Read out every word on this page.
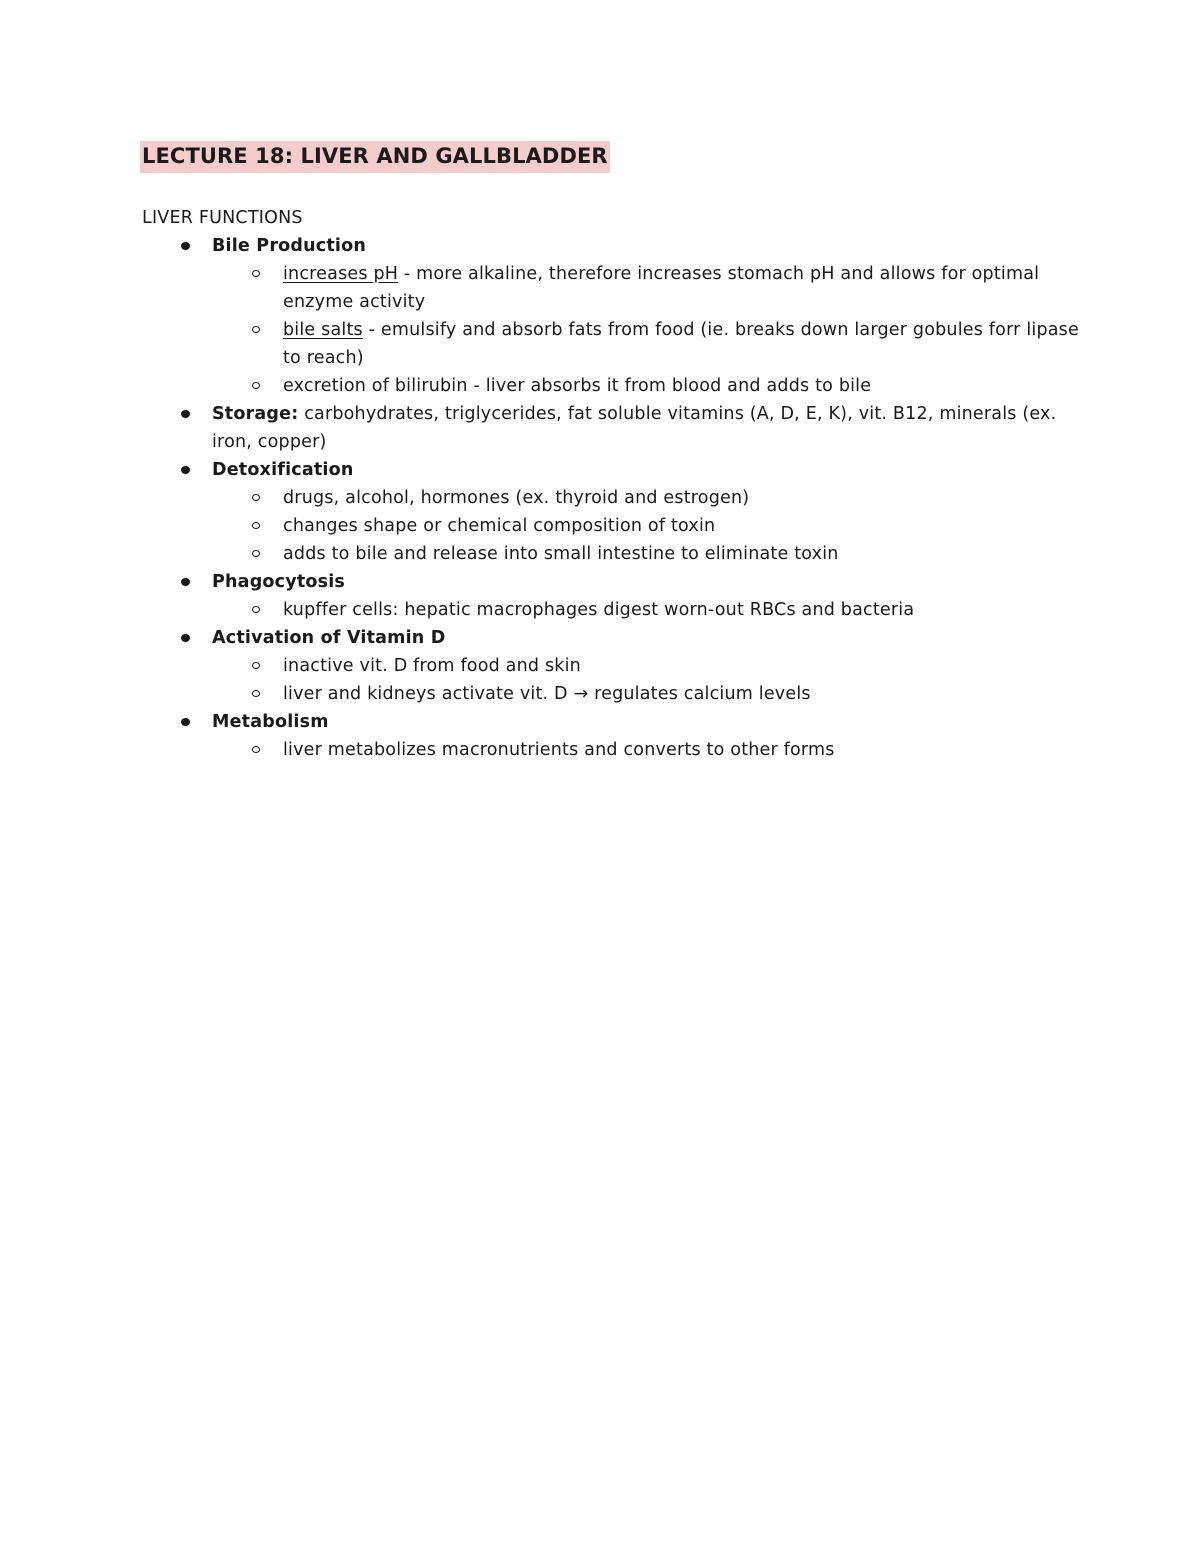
LECTURE 18: LIVER AND GALLBLADDER
LIVER FUNCTIONS
Bile Production
increases pH - more alkaline, therefore increases stomach pH and allows for optimal enzyme activity
bile salts - emulsify and absorb fats from food (ie. breaks down larger gobules forr lipase to reach)
excretion of bilirubin - liver absorbs it from blood and adds to bile
Storage: carbohydrates, triglycerides, fat soluble vitamins (A, D, E, K), vit. B12, minerals (ex. iron, copper)
Detoxification
drugs, alcohol, hormones (ex. thyroid and estrogen)
changes shape or chemical composition of toxin
adds to bile and release into small intestine to eliminate toxin
Phagocytosis
kupffer cells: hepatic macrophages digest worn-out RBCs and bacteria
Activation of Vitamin D
inactive vit. D from food and skin
liver and kidneys activate vit. D → regulates calcium levels
Metabolism
liver metabolizes macronutrients and converts to other forms
